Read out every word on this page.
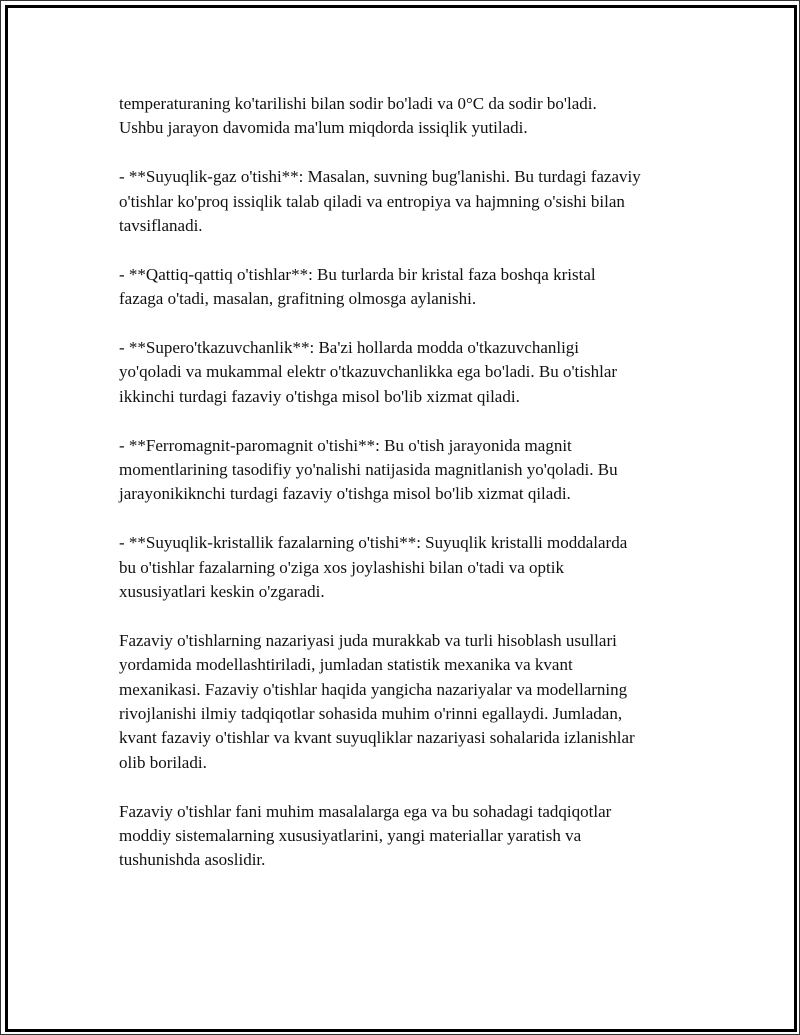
temperaturaning ko'tarilishi bilan sodir bo'ladi va 0°C da sodir bo'ladi.
Ushbu jarayon davomida ma'lum miqdorda issiqlik yutiladi.

- **Suyuqlik-gaz o'tishi**: Masalan, suvning bug'lanishi. Bu turdagi fazaviy
o'tishlar ko'proq issiqlik talab qiladi va entropiya va hajmning o'sishi bilan
tavsiflanadi.

- **Qattiq-qattiq o'tishlar**: Bu turlarda bir kristal faza boshqa kristal
fazaga o'tadi, masalan, grafitning olmosga aylanishi.

- **Supero'tkazuvchanlik**: Ba'zi hollarda modda o'tkazuvchanligi
yo'qoladi va mukammal elektr o'tkazuvchanlikka ega bo'ladi. Bu o'tishlar
ikkinchi turdagi fazaviy o'tishga misol bo'lib xizmat qiladi.

- **Ferromagnit-paromagnit o'tishi**: Bu o'tish jarayonida magnit
momentlarining tasodifiy yo'nalishi natijasida magnitlanish yo'qoladi. Bu
jarayonikiknchi turdagi fazaviy o'tishga misol bo'lib xizmat qiladi.

- **Suyuqlik-kristallik fazalarning o'tishi**: Suyuqlik kristalli moddalarda
bu o'tishlar fazalarning o'ziga xos joylashishi bilan o'tadi va optik
xususiyatlari keskin o'zgaradi.

Fazaviy o'tishlarning nazariyasi juda murakkab va turli hisoblash usullari
yordamida modellashtiriladi, jumladan statistik mexanika va kvant
mexanikasi. Fazaviy o'tishlar haqida yangicha nazariyalar va modellarning
rivojlanishi ilmiy tadqiqotlar sohasida muhim o'rinni egallaydi. Jumladan,
kvant fazaviy o'tishlar va kvant suyuqliklar nazariyasi sohalarida izlanishlar
olib boriladi.

Fazaviy o'tishlar fani muhim masalalarga ega va bu sohadagi tadqiqotlar
moddiy sistemalarning xususiyatlarini, yangi materiallar yaratish va
tushunishda asoslidir.
